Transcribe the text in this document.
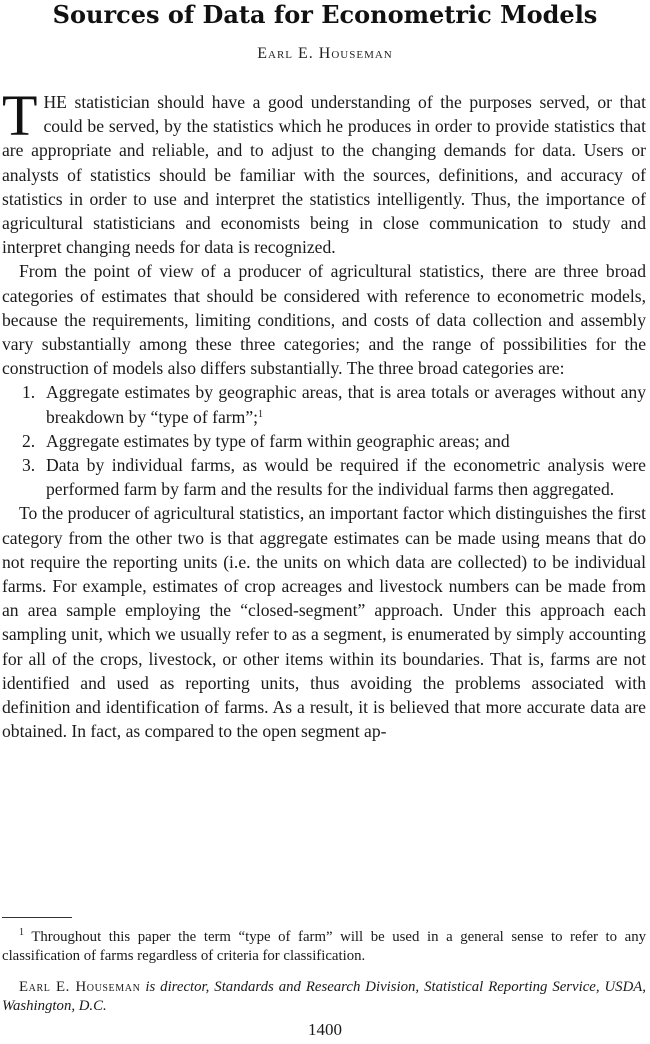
Sources of Data for Econometric Models
Earl E. Houseman

THE statistician should have a good understanding of the purposes served, or that could be served, by the statistics which he produces in order to provide statistics that are appropriate and reliable, and to adjust to the changing demands for data. Users or analysts of statistics should be familiar with the sources, definitions, and accuracy of statistics in order to use and interpret the statistics intelligently. Thus, the importance of agricultural statisticians and economists being in close communication to study and interpret changing needs for data is recognized.

From the point of view of a producer of agricultural statistics, there are three broad categories of estimates that should be considered with reference to econometric models, because the requirements, limiting conditions, and costs of data collection and assembly vary substantially among these three categories; and the range of possibilities for the construction of models also differs substantially. The three broad categories are:

1. Aggregate estimates by geographic areas, that is area totals or averages without any breakdown by “type of farm”;$^1$
2. Aggregate estimates by type of farm within geographic areas; and
3. Data by individual farms, as would be required if the econometric analysis were performed farm by farm and the results for the individual farms then aggregated.

To the producer of agricultural statistics, an important factor which distinguishes the first category from the other two is that aggregate estimates can be made using means that do not require the reporting units (i.e. the units on which data are collected) to be individual farms. For example, estimates of crop acreages and livestock numbers can be made from an area sample employing the “closed-segment” approach. Under this approach each sampling unit, which we usually refer to as a segment, is enumerated by simply accounting for all of the crops, livestock, or other items within its boundaries. That is, farms are not identified and used as reporting units, thus avoiding the problems associated with definition and identification of farms. As a result, it is believed that more accurate data are obtained. In fact, as compared to the open segment ap-

$^1$ Throughout this paper the term “type of farm” will be used in a general sense to refer to any classification of farms regardless of criteria for classification.
Earl E. Houseman is director, Standards and Research Division, Statistical Reporting Service, USDA, Washington, D.C.
1400
